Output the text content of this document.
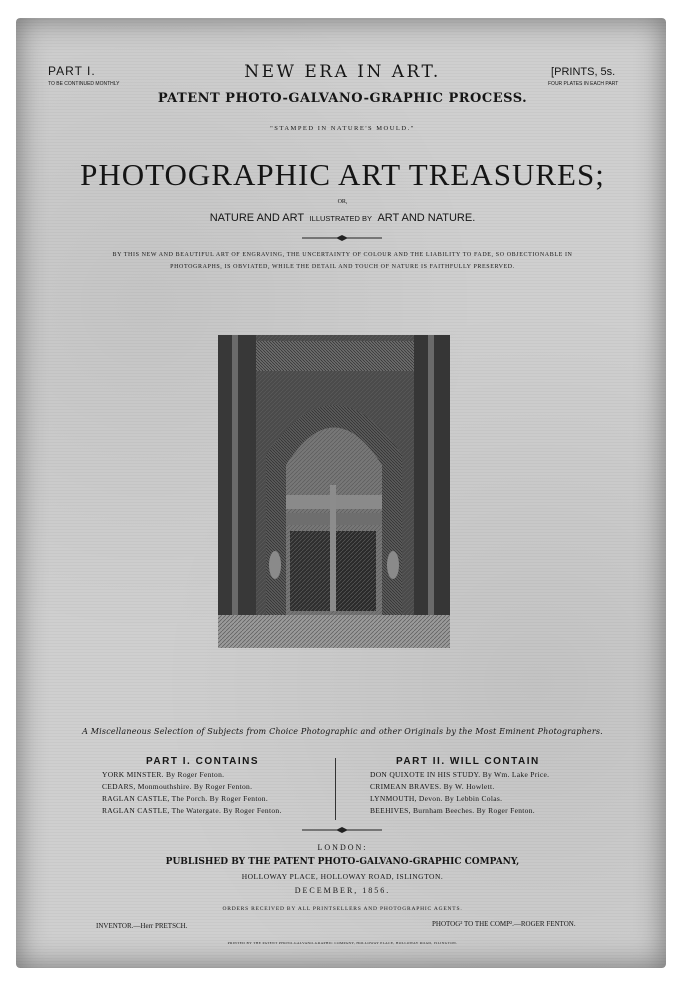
PART I.
TO BE CONTINUED MONTHLY
[PRINTS, 5s.
FOUR PLATES IN EACH PART
NEW ERA IN ART.
PATENT PHOTO-GALVANO-GRAPHIC PROCESS.
"STAMPED IN NATURE'S MOULD."
PHOTOGRAPHIC ART TREASURES;
OR,
NATURE AND ART ILLUSTRATED BY ART AND NATURE.
BY THIS NEW AND BEAUTIFUL ART OF ENGRAVING, THE UNCERTAINTY OF COLOUR AND THE LIABILITY TO FADE, SO OBJECTIONABLE IN
PHOTOGRAPHS, IS OBVIATED, WHILE THE DETAIL AND TOUCH OF NATURE IS FAITHFULLY PRESERVED.
A Miscellaneous Selection of Subjects from Choice Photographic and other Originals by the Most Eminent Photographers.
PART I. CONTAINS
YORK MINSTER. By Roger Fenton.
CEDARS, Monmouthshire. By Roger Fenton.
RAGLAN CASTLE, The Porch. By Roger Fenton.
RAGLAN CASTLE, The Watergate. By Roger Fenton.
PART II. WILL CONTAIN
DON QUIXOTE IN HIS STUDY. By Wm. Lake Price.
CRIMEAN BRAVES. By W. Howlett.
LYNMOUTH, Devon. By Lebbin Colas.
BEEHIVES, Burnham Beeches. By Roger Fenton.
LONDON:
PUBLISHED BY THE PATENT PHOTO-GALVANO-GRAPHIC COMPANY,
HOLLOWAY PLACE, HOLLOWAY ROAD, ISLINGTON.
DECEMBER, 1856.
ORDERS RECEIVED BY ALL PRINTSELLERS AND PHOTOGRAPHIC AGENTS.
INVENTOR.—Herr PRETSCH.	PHOTOG² TO THE COMP².—ROGER FENTON.
PRINTED BY THE PATENT PHOTO-GALVANO-GRAPHIC COMPANY, HOLLOWAY PLACE, HOLLOWAY ROAD, ISLINGTON.
